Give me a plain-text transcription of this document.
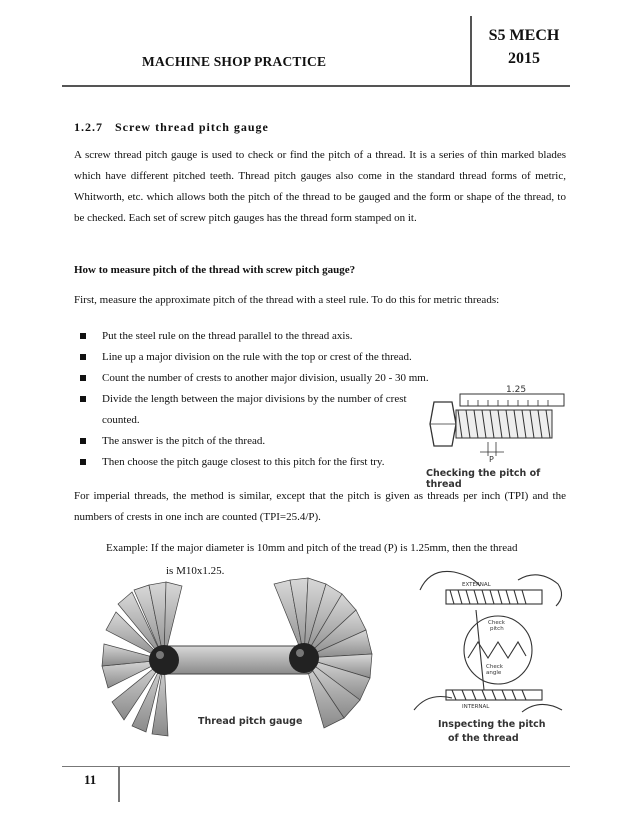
MACHINE SHOP PRACTICE
S5 MECH
2015
1.2.7 Screw thread pitch gauge
A screw thread pitch gauge is used to check or find the pitch of a thread. It is a series of thin marked blades which have different pitched teeth. Thread pitch gauges also come in the standard thread forms of metric, Whitworth, etc. which allows both the pitch of the thread to be gauged and the form or shape of the thread, to be checked. Each set of screw pitch gauges has the thread form stamped on it.
How to measure pitch of the thread with screw pitch gauge?
First, measure the approximate pitch of the thread with a steel rule. To do this for metric threads:
Put the steel rule on the thread parallel to the thread axis.
Line up a major division on the rule with the top or crest of the thread.
Count the number of crests to another major division, usually 20 - 30 mm.
Divide the length between the major divisions by the number of crest counted.
The answer is the pitch of the thread.
Then choose the pitch gauge closest to this pitch for the first try.
1.25
P
Checking the pitch of thread
For imperial threads, the method is similar, except that the pitch is given as threads per inch (TPI) and the numbers of crests in one inch are counted (TPI=25.4/P).
Example: If the major diameter is 10mm and pitch of the tread (P) is 1.25mm, then the thread
is M10x1.25.
Thread pitch gauge
EXTERNAL
Check
pitch
Check
angle
INTERNAL
Inspecting the pitch
of the thread
11
